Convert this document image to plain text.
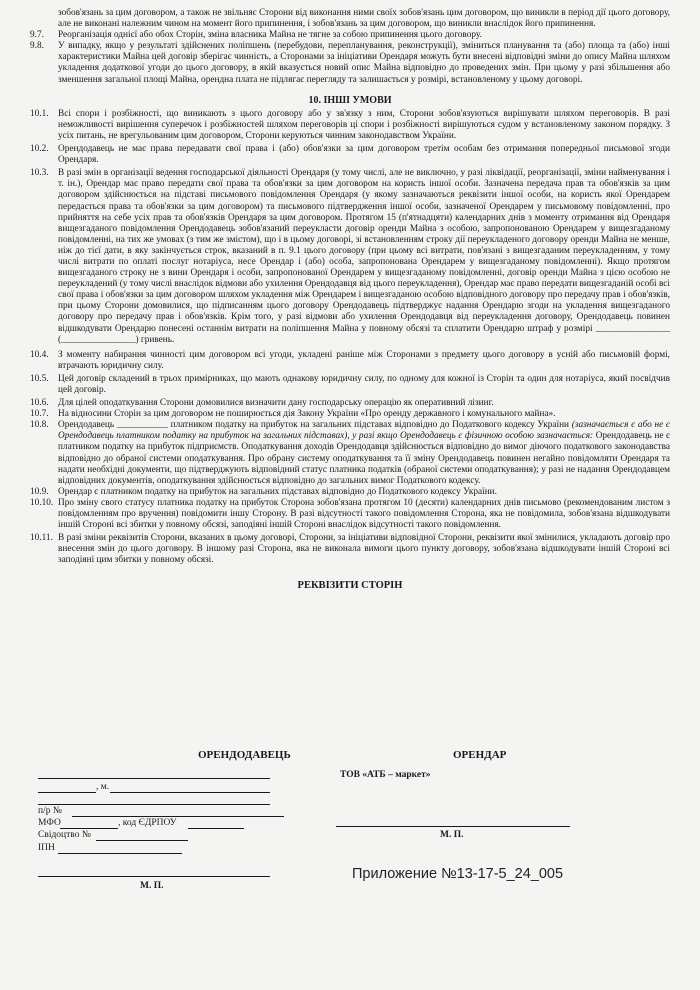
зобов'язань за цим договором, а також не звільняє Сторони від виконання ними своїх зобов'язань цим договором, що виникли в період дії цього договору, але не виконані належним чином на момент його припинення, і зобов'язань за цим договором, що виникли внаслідок його припинення.
9.7.	Реорганізація однієї або обох Сторін, зміна власника Майна не тягне за собою припинення цього договору.
9.8.	У випадку, якщо у результаті здійснених поліпшень (перебудови, перепланування, реконструкції), зміниться планування та (або) площа та (або) інші характеристики Майна цей договір зберігає чинність, а Сторонами за ініціативи Орендаря можуть бути внесені відповідні зміни до опису Майна шляхом укладення додаткової угоди до цього договору, в якій вказується новий опис Майна відповідно до проведених змін. При цьому у разі збільшення або зменшення загальної площі Майна, орендна плата не підлягає перегляду та залишається у розмірі, встановленому у цьому договорі.
10. ІНШІ УМОВИ
10.1.	Всі спори і розбіжності, що виникають з цього договору або у зв'язку з ним, Сторони зобов'язуються вирішувати шляхом переговорів. В разі неможливості вирішення суперечок і розбіжностей шляхом переговорів ці спори і розбіжності вирішуються судом у встановленому законом порядку. З усіх питань, не врегульованим цим договором, Сторони керуються чинним законодавством України.
10.2.	Орендодавець не має права передавати свої права і (або) обов'язки за цим договором третім особам без отримання попередньої письмової згоди Орендаря.
10.3.	В разі змін в організації ведення господарської діяльності Орендаря (у тому числі, але не виключно, у разі ліквідації, реорганізації, зміни найменування і т. ін.), Орендар має право передати свої права та обов'язки за цим договором на користь іншої особи. Зазначена передача прав та обов'язків за цим договором здійснюється на підставі письмового повідомлення Орендаря (у якому зазначаються реквізити іншої особи, на користь якої Орендарем передається права та обов'язки за цим договором) та письмового підтвердження іншої особи, зазначеної Орендарем у письмовому повідомленні, про прийняття на себе усіх прав та обов'язків Орендаря за цим договором. Протягом 15 (п'ятнадцяти) календарних днів з моменту отримання від Орендаря вищезгаданого повідомлення Орендодавець зобов'язаний переукласти договір оренди Майна з особою, запропонованою Орендарем у вищезгаданому повідомленні, на тих же умовах (з тим же змістом), що і в цьому договорі, зі встановленням строку дії переукладеного договору оренди Майна не менше, ніж до тієї дати, в яку закінчується строк, вказаний в п. 9.1 цього договору (при цьому всі витрати, пов'язані з вищезгаданим переукладенням, у тому числі витрати по оплаті послуг нотаріуса, несе Орендар і (або) особа, запропонована Орендарем у вищезгаданому повідомленні). Якщо протягом вищезгаданого строку не з вини Орендаря і особи, запропонованої Орендарем у вищезгаданому повідомленні, договір оренди Майна з цією особою не переукладений (у тому числі внаслідок відмови або ухилення Орендодавця від цього переукладення), Орендар має право передати вищезгаданій особі всі свої права і обов'язки за цим договором шляхом укладення між Орендарем і вищезгаданою особою відповідного договору про передачу прав і обов'язків, при цьому Сторони домовилися, що підписанням цього договору Орендодавець підтверджує надання Орендарю згоди на укладення вищезгаданого договору про передачу прав і обов'язків. Крім того, у разі відмови або ухилення Орендодавця від переукладення договору, Орендодавець повинен відшкодувати Орендарю понесені останнім витрати на поліпшення Майна у повному обсязі та сплатити Орендарю штраф у розмірі ________________ (________________) гривень.
10.4.	З моменту набирання чинності цим договором всі угоди, укладені раніше між Сторонами з предмету цього договору в усній або письмовій формі, втрачають юридичну силу.
10.5.	Цей договір складений в трьох примірниках, що мають однакову юридичну силу, по одному для кожної із Сторін та один для нотаріуса, який посвідчив цей договір.
10.6.	Для цілей оподаткування Сторони домовилися визначити дану господарську операцію як оперативний лізинг.
10.7.	На відносини Сторін за цим договором не поширюється дія Закону України «Про оренду державного і комунального майна».
10.8.	Орендодавець ___________ платником податку на прибуток на загальних підставах відповідно до Податкового кодексу України (зазначається є або не є Орендодавець платником податку на прибуток на загальних підставах), у разі якщо Орендодавець є фізичною особою зазначається: Орендодавець не є платником податку на прибуток підприємств. Оподаткування доходів Орендодавця здійснюється відповідно до вимог діючого податкового законодавства відповідно до обраної системи оподаткування. Про обрану систему оподаткування та її зміну Орендодавець повинен негайно повідомляти Орендаря та надати необхідні документи, що підтверджують відповідний статус платника податків (обраної системи оподаткування); у разі не надання Орендодавцем відповідних документів, оподаткування здійснюється відповідно до загальних вимог Податкового кодексу.
10.9.	Орендар є платником податку на прибуток на загальних підставах відповідно до Податкового кодексу України.
10.10. Про зміну свого статусу платника податку на прибуток Сторона зобов'язана протягом 10 (десяти) календарних днів письмово (рекомендованим листом з повідомленням про вручення) повідомити іншу Сторону. В разі відсутності такого повідомлення Сторона, яка не повідомила, зобов'язана відшкодувати іншій Стороні всі збитки у повному обсязі, заподіяні іншій Стороні внаслідок відсутності такого повідомлення.
10.11. В разі зміни реквізитів Сторони, вказаних в цьому договорі, Сторони, за ініціативи відповідної Сторони, реквізити якої змінилися, укладають договір про внесення змін до цього договору. В іншому разі Сторона, яка не виконала вимоги цього пункту договору, зобов'язана відшкодувати іншій Стороні всі заподіяні цим збитки у повному обсязі.
РЕКВІЗИТИ СТОРІН
ОРЕНДОДАВЕЦЬ	ОРЕНДАР
, м.
ТОВ «АТБ – маркет»
п/р №
МФО	, код ЄДРПОУ
Свідоцтво №	М. П.
ІПН
М. П.
Приложение №13-17-5_24_005
